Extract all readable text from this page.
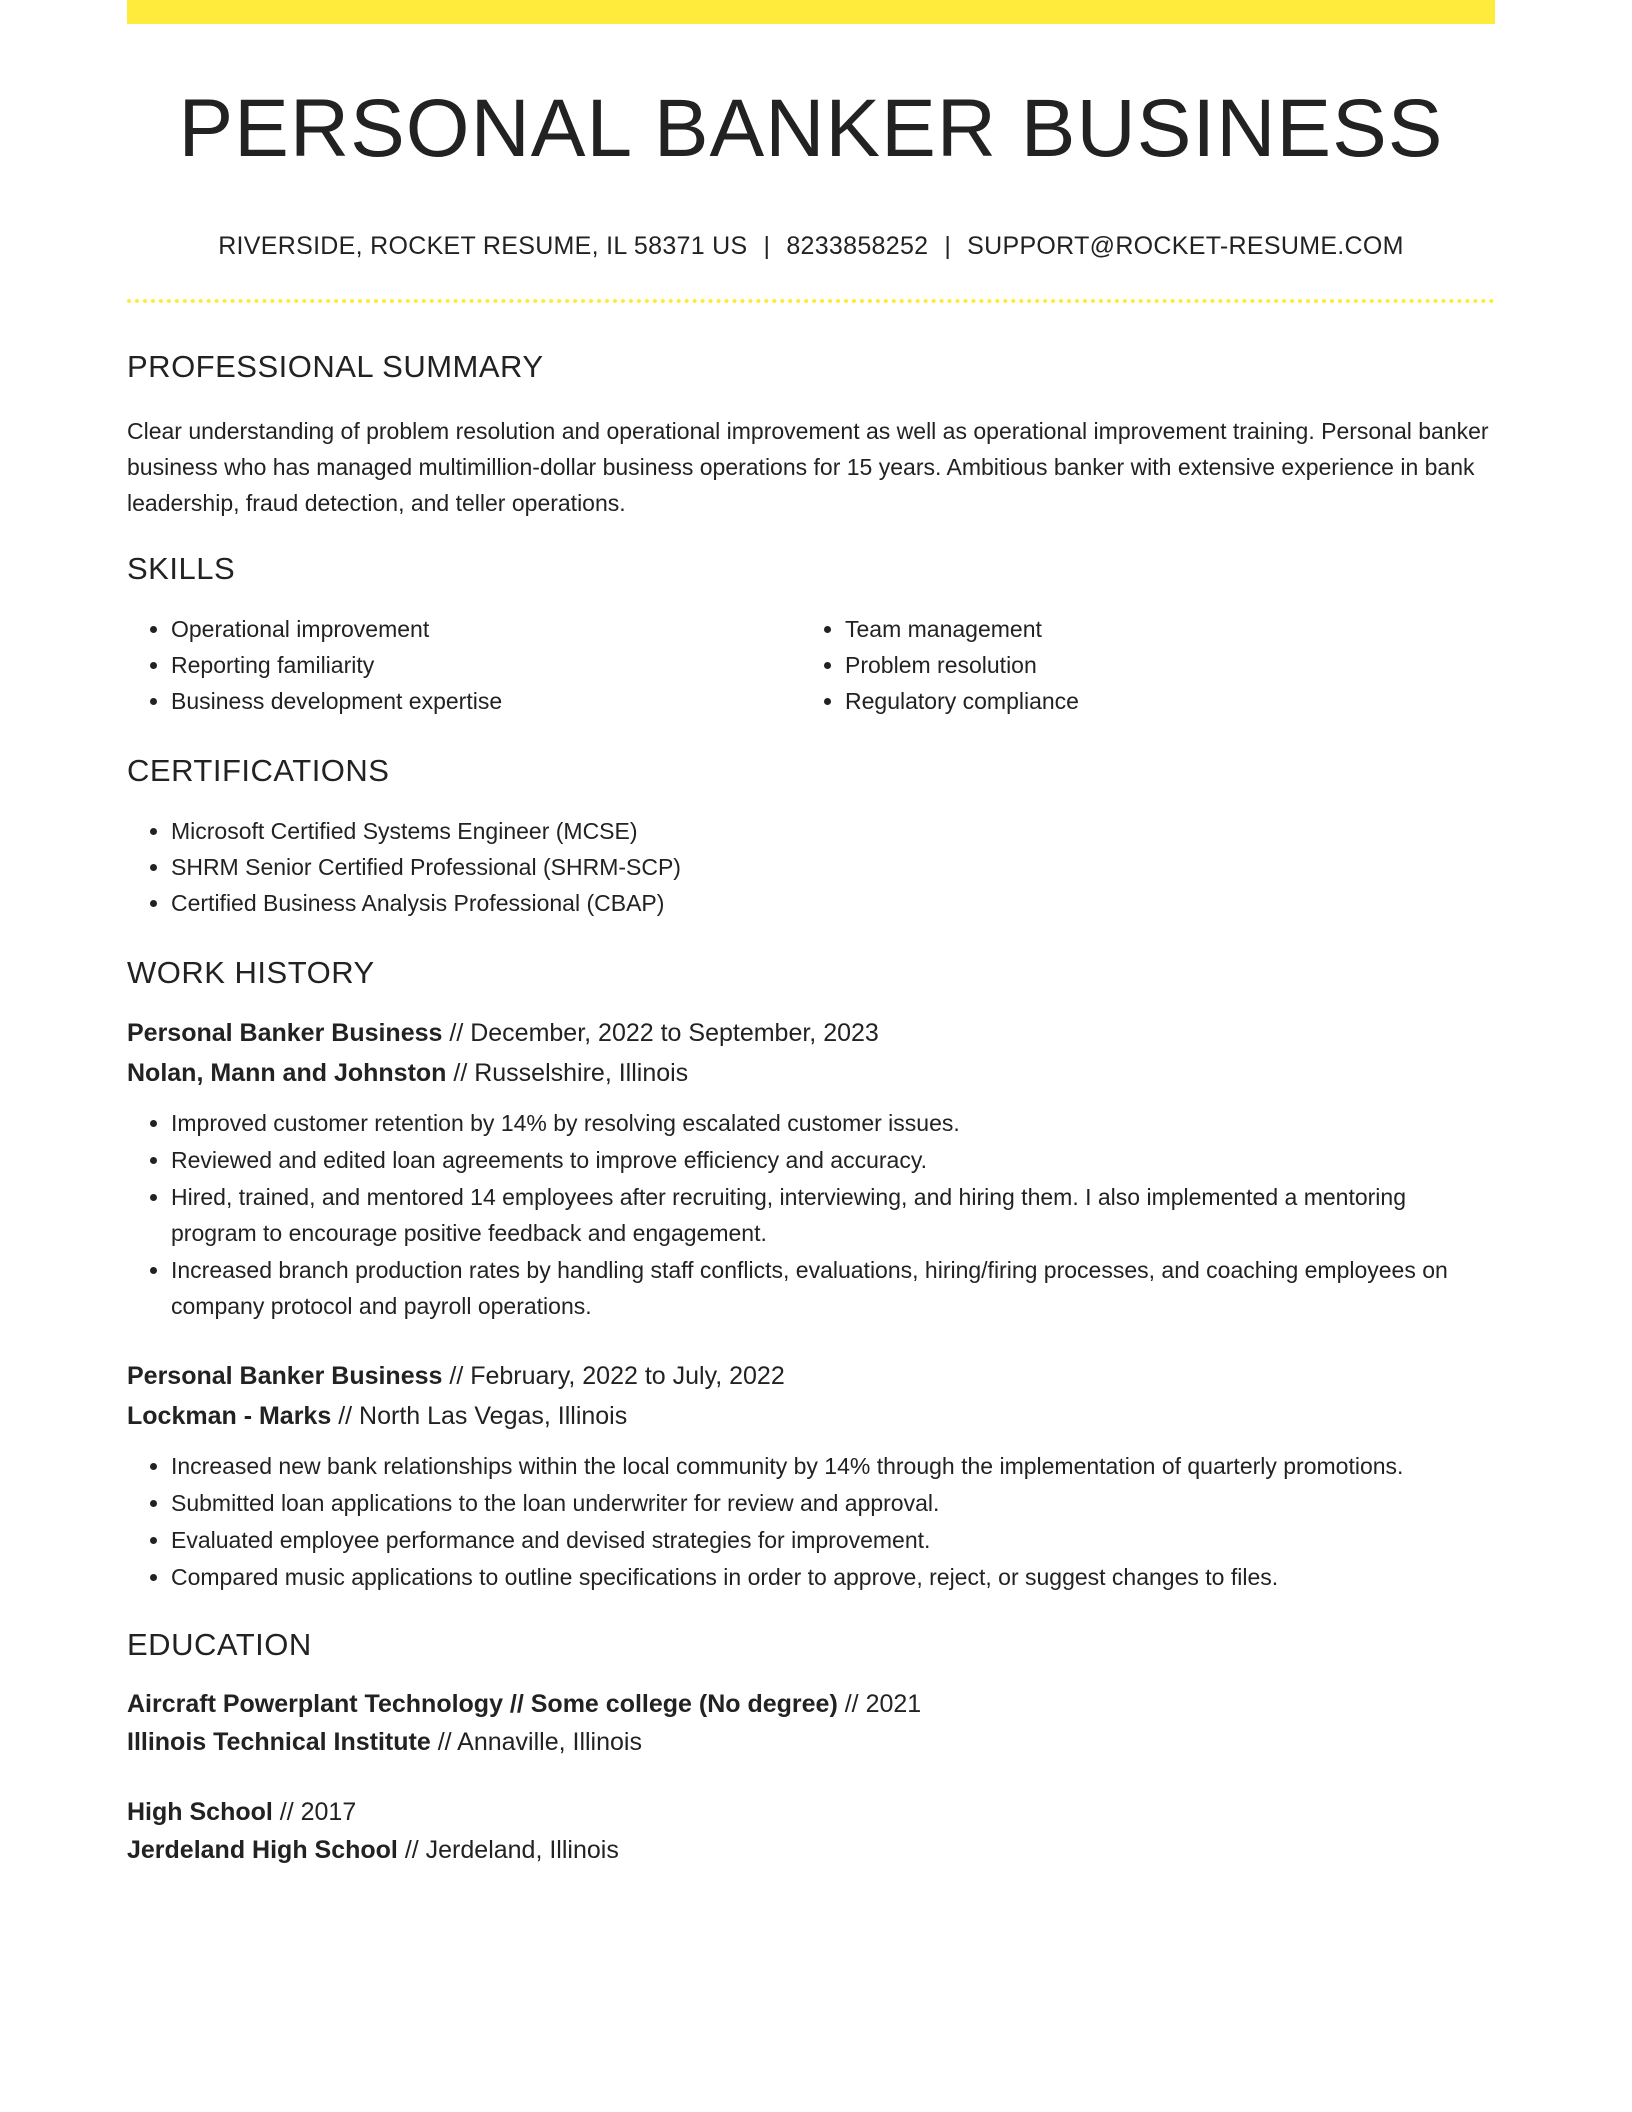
PERSONAL BANKER BUSINESS
RIVERSIDE, ROCKET RESUME, IL 58371 US | 8233858252 | SUPPORT@ROCKET-RESUME.COM
PROFESSIONAL SUMMARY

Clear understanding of problem resolution and operational improvement as well as operational improvement training. Personal banker business who has managed multimillion-dollar business operations for 15 years. Ambitious banker with extensive experience in bank leadership, fraud detection, and teller operations.

SKILLS
• Operational improvement
• Reporting familiarity
• Business development expertise
• Team management
• Problem resolution
• Regulatory compliance
CERTIFICATIONS
• Microsoft Certified Systems Engineer (MCSE)
• SHRM Senior Certified Professional (SHRM-SCP)
• Certified Business Analysis Professional (CBAP)
WORK HISTORY
Personal Banker Business // December, 2022 to September, 2023
Nolan, Mann and Johnston // Russelshire, Illinois
• Improved customer retention by 14% by resolving escalated customer issues.
• Reviewed and edited loan agreements to improve efficiency and accuracy.
• Hired, trained, and mentored 14 employees after recruiting, interviewing, and hiring them. I also implemented a mentoring program to encourage positive feedback and engagement.
• Increased branch production rates by handling staff conflicts, evaluations, hiring/firing processes, and coaching employees on company protocol and payroll operations.
Personal Banker Business // February, 2022 to July, 2022
Lockman - Marks // North Las Vegas, Illinois
• Increased new bank relationships within the local community by 14% through the implementation of quarterly promotions.
• Submitted loan applications to the loan underwriter for review and approval.
• Evaluated employee performance and devised strategies for improvement.
• Compared music applications to outline specifications in order to approve, reject, or suggest changes to files.
EDUCATION
Aircraft Powerplant Technology // Some college (No degree) // 2021
Illinois Technical Institute // Annaville, Illinois
High School // 2017
Jerdeland High School // Jerdeland, Illinois
